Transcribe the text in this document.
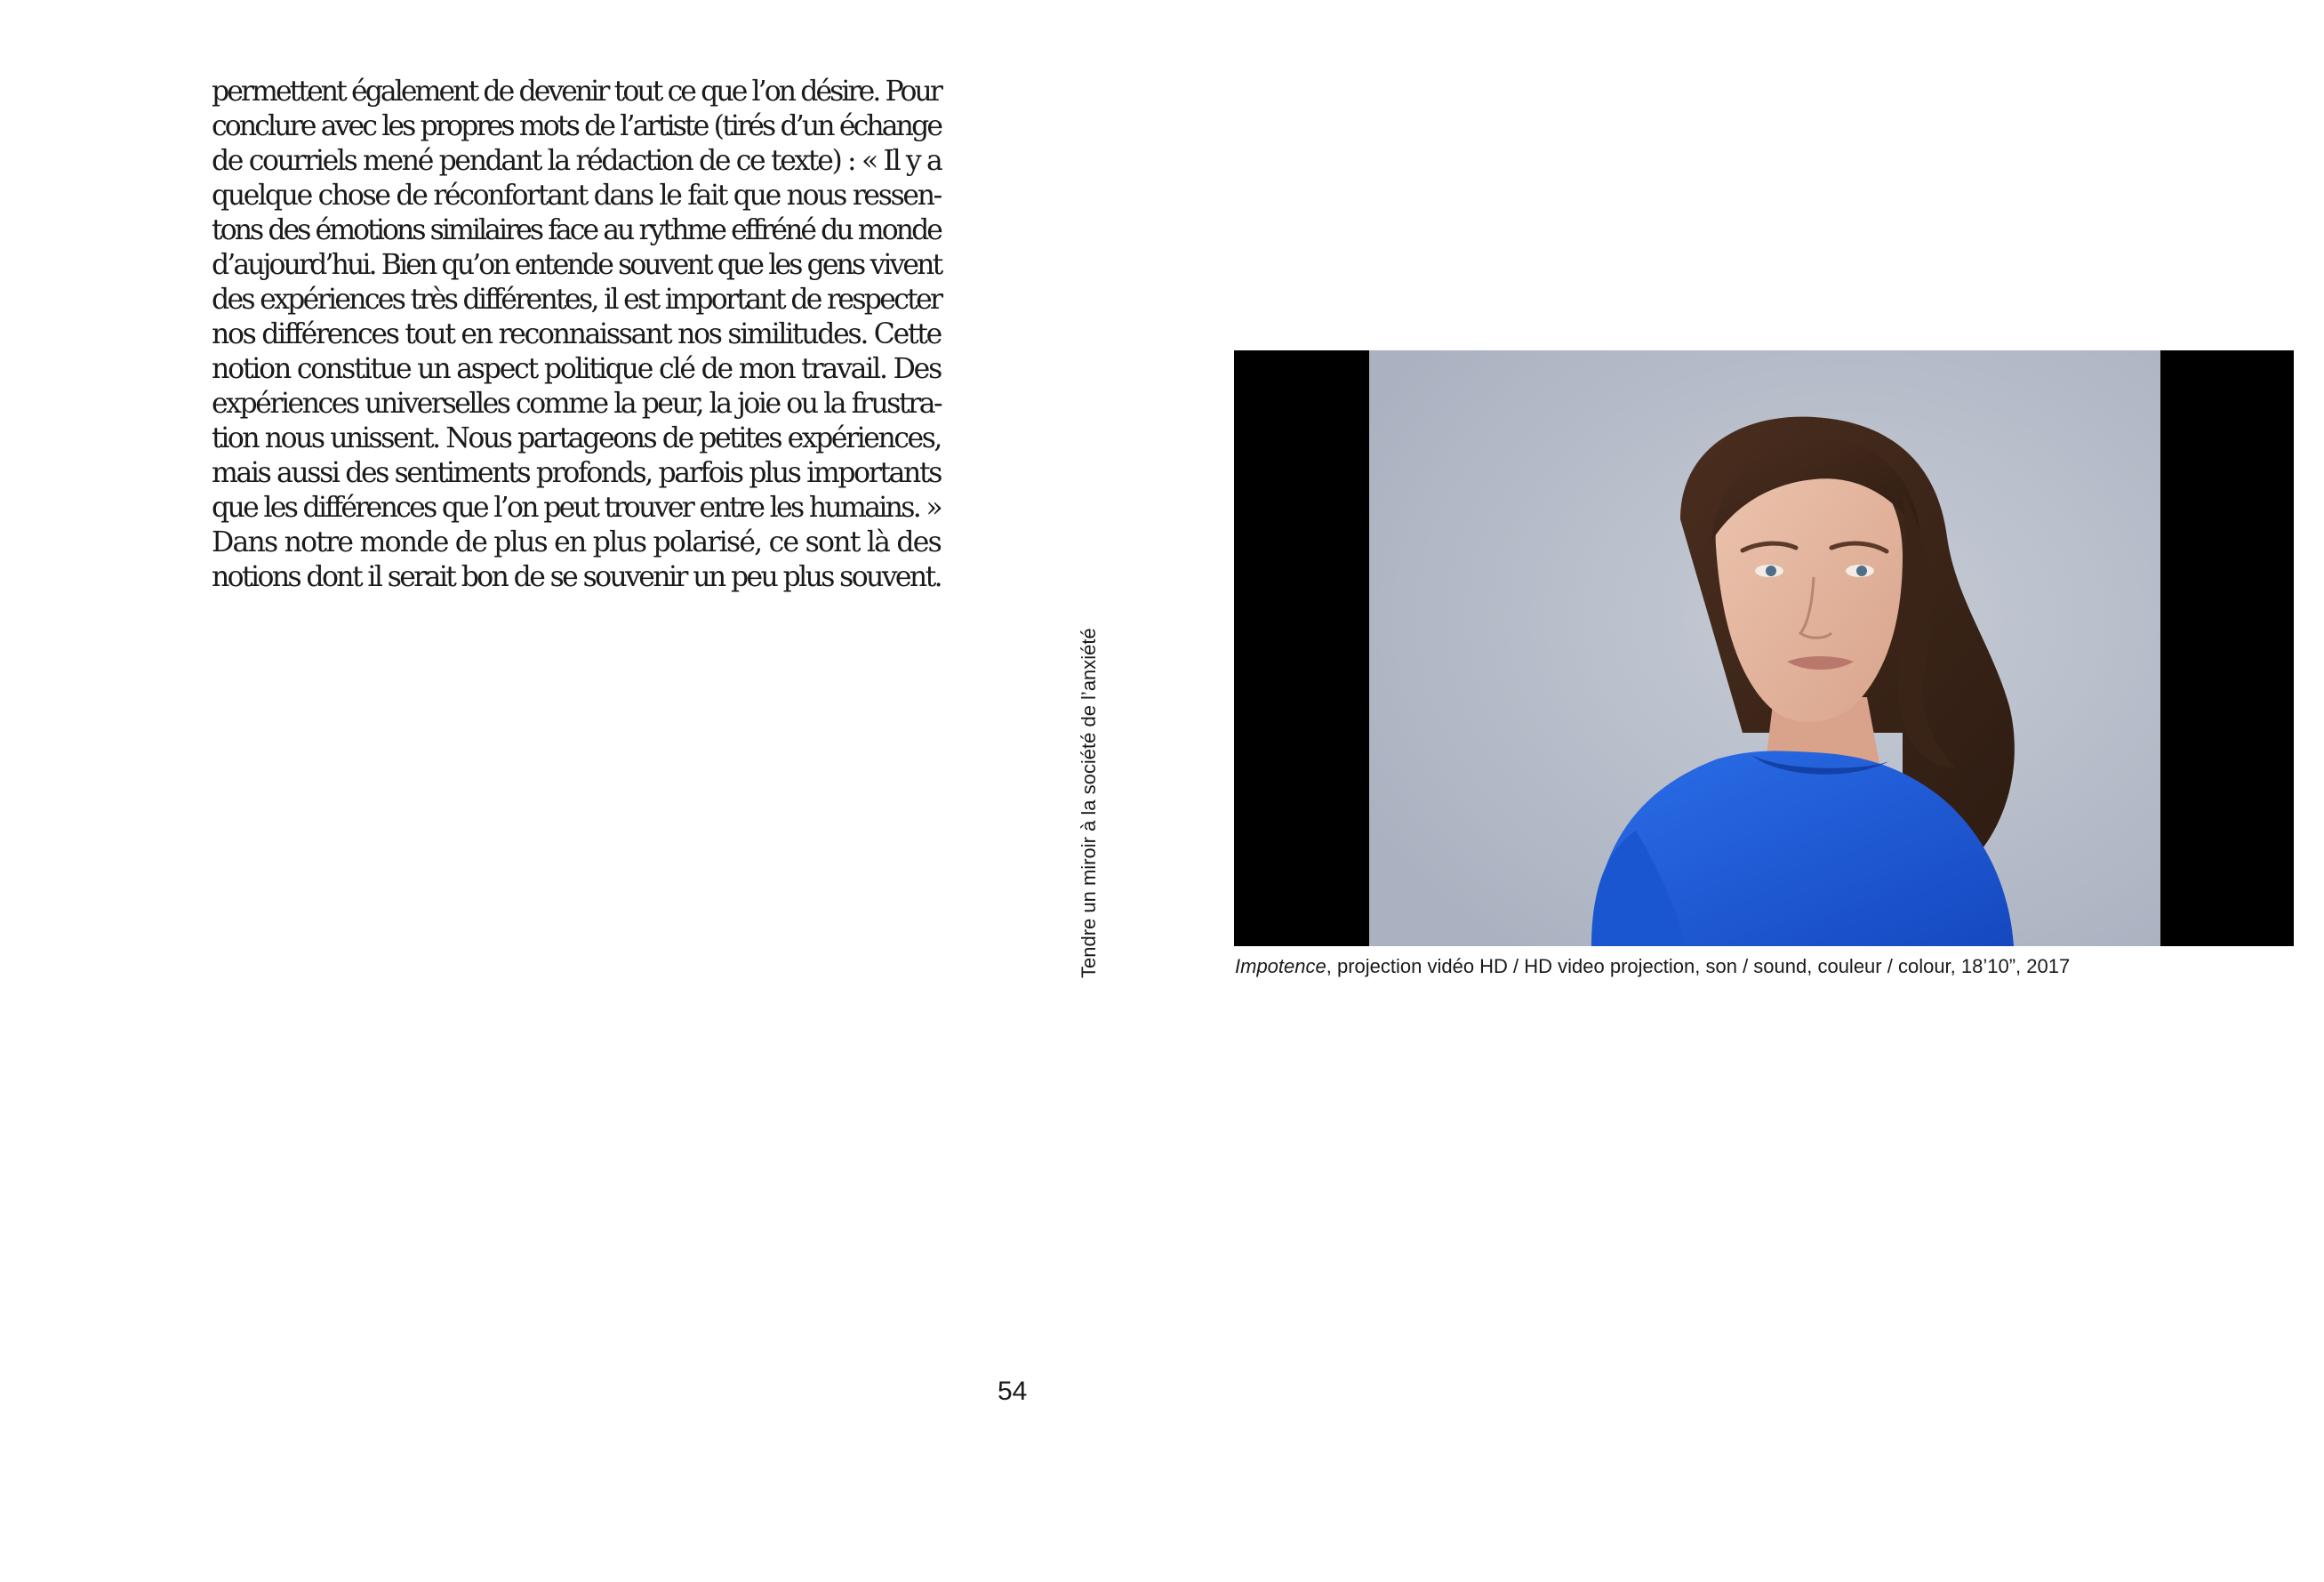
permettent également de devenir tout ce que l’on désire. Pour
conclure avec les propres mots de l’artiste (tirés d’un échange
de courriels mené pendant la rédaction de ce texte) : « Il y a
quelque chose de réconfortant dans le fait que nous ressen-
tons des émotions similaires face au rythme effréné du monde
d’aujourd’hui. Bien qu’on entende souvent que les gens vivent
des expériences très différentes, il est important de respecter
nos différences tout en reconnaissant nos similitudes. Cette
notion constitue un aspect politique clé de mon travail. Des
expériences universelles comme la peur, la joie ou la frustra-
tion nous unissent. Nous partageons de petites expériences,
mais aussi des sentiments profonds, parfois plus importants
que les différences que l’on peut trouver entre les humains. »
Dans notre monde de plus en plus polarisé, ce sont là des
notions dont il serait bon de se souvenir un peu plus souvent.
Tendre un miroir à la société de l’anxiété
54

Impotence, projection vidéo HD / HD video projection, son / sound, couleur / colour, 18’10”, 2017
